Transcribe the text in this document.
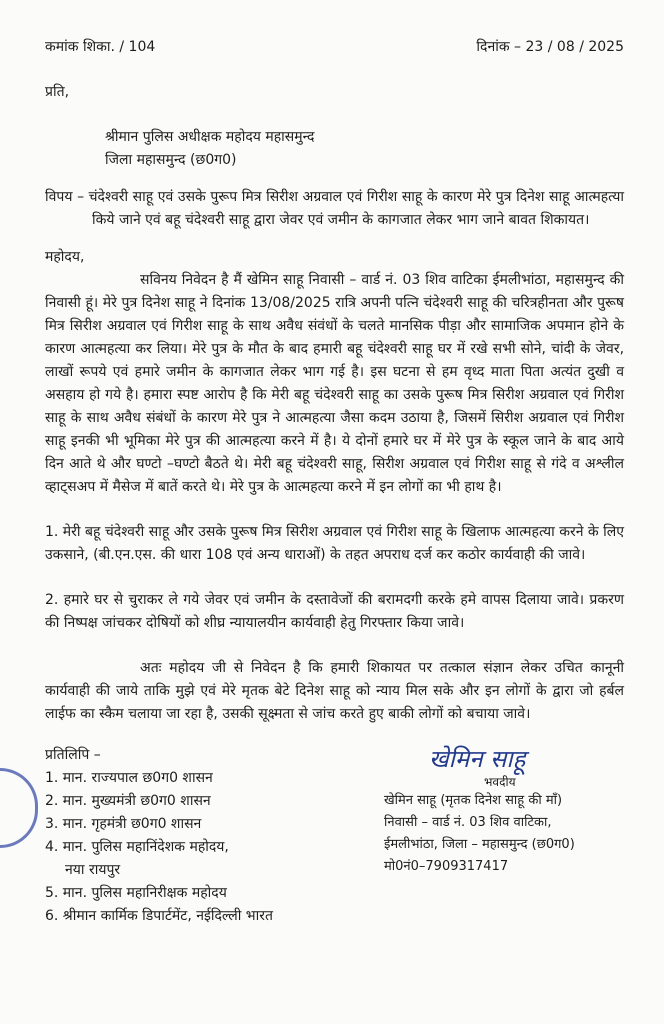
कमांक शिका. / 104	दिनांक – 23 / 08 / 2025
प्रति,
श्रीमान पुलिस अधीक्षक महोदय महासमुन्द
जिला महासमुन्द (छ0ग0)

विपय – चंदेश्वरी साहू एवं उसके पुरूप मित्र सिरीश अग्रवाल एवं गिरीश साहू के कारण मेरे पुत्र दिनेश साहू आत्महत्या किये जाने एवं बहू चंदेश्वरी साहू द्वारा जेवर एवं जमीन के कागजात लेकर भाग जाने बावत शिकायत।

महोदय,

सविनय निवेदन है मैं खेमिन साहू निवासी – वार्ड नं. 03 शिव वाटिका ईमलीभांठा, महासमुन्द की निवासी हूं। मेरे पुत्र दिनेश साहू ने दिनांक 13/08/2025 रात्रि अपनी पत्नि चंदेश्वरी साहू की चरित्रहीनता और पुरूष मित्र सिरीश अग्रवाल एवं गिरीश साहू के साथ अवैध संवंधों के चलते मानसिक पीड़ा और सामाजिक अपमान होने के कारण आत्महत्या कर लिया। मेरे पुत्र के मौत के बाद हमारी बहू चंदेश्वरी साहू घर में रखे सभी सोने, चांदी के जेवर, लाखों रूपये एवं हमारे जमीन के कागजात लेकर भाग गई है। इस घटना से हम वृध्द माता पिता अत्यंत दुखी व असहाय हो गये है। हमारा स्पष्ट आरोप है कि मेरी बहू चंदेश्वरी साहू का उसके पुरूष मित्र सिरीश अग्रवाल एवं गिरीश साहू के साथ अवैध संबंधों के कारण मेरे पुत्र ने आत्महत्या जैसा कदम उठाया है, जिसमें सिरीश अग्रवाल एवं गिरीश साहू इनकी भी भूमिका मेरे पुत्र की आत्महत्या करने में है। ये दोनों हमारे घर में मेरे पुत्र के स्कूल जाने के बाद आयेदिन आते थे और घण्टो –घण्टो बैठते थे। मेरी बहू चंदेश्वरी साहू, सिरीश अग्रवाल एवं गिरीश साहू से गंदे व अश्लील व्हाट्सअप में मैसेज में बातें करते थे। मेरे पुत्र के आत्महत्या करने में इन लोगों का भी हाथ है।

1. मेरी बहू चंदेश्वरी साहू और उसके पुरूष मित्र सिरीश अग्रवाल एवं गिरीश साहू के खिलाफ आत्महत्या करने के लिए उकसाने, (बी.एन.एस. की धारा 108 एवं अन्य धाराओं) के तहत अपराध दर्ज कर कठोर कार्यवाही की जावे।

2. हमारे घर से चुराकर ले गये जेवर एवं जमीन के दस्तावेजों की बरामदगी करके हमे वापस दिलाया जावे। प्रकरण की निष्पक्ष जांचकर दोषियों को शीघ्र न्यायालयीन कार्यवाही हेतु गिरफ्तार किया जावे।

अतः महोदय जी से निवेदन है कि हमारी शिकायत पर तत्काल संज्ञान लेकर उचित कानूनी कार्यवाही की जाये ताकि मुझे एवं मेरे मृतक बेटे दिनेश साहू को न्याय मिल सके और इन लोगों के द्वारा जो हर्बल लाईफ का स्कैम चलाया जा रहा है, उसकी सूक्ष्मता से जांच करते हुए बाकी लोगों को बचाया जावे।

प्रतिलिपि –
1. मान. राज्यपाल छ0ग0 शासन
2. मान. मुख्यमंत्री छ0ग0 शासन
3. मान. गृहमंत्री छ0ग0 शासन
4. मान. पुलिस महानिंदेशक महोदय,
नया रायपुर
5. मान. पुलिस महानिरीक्षक महोदय
6. श्रीमान कार्मिक डिपार्टमेंट, नईदिल्ली भारत
खेमिन साहू
भवदीय
खेमिन साहू (मृतक दिनेश साहू की माँ)
निवासी – वार्ड नं. 03 शिव वाटिका,
ईमलीभांठा, जिला – महासमुन्द (छ0ग0)
मो0नं0–7909317417
